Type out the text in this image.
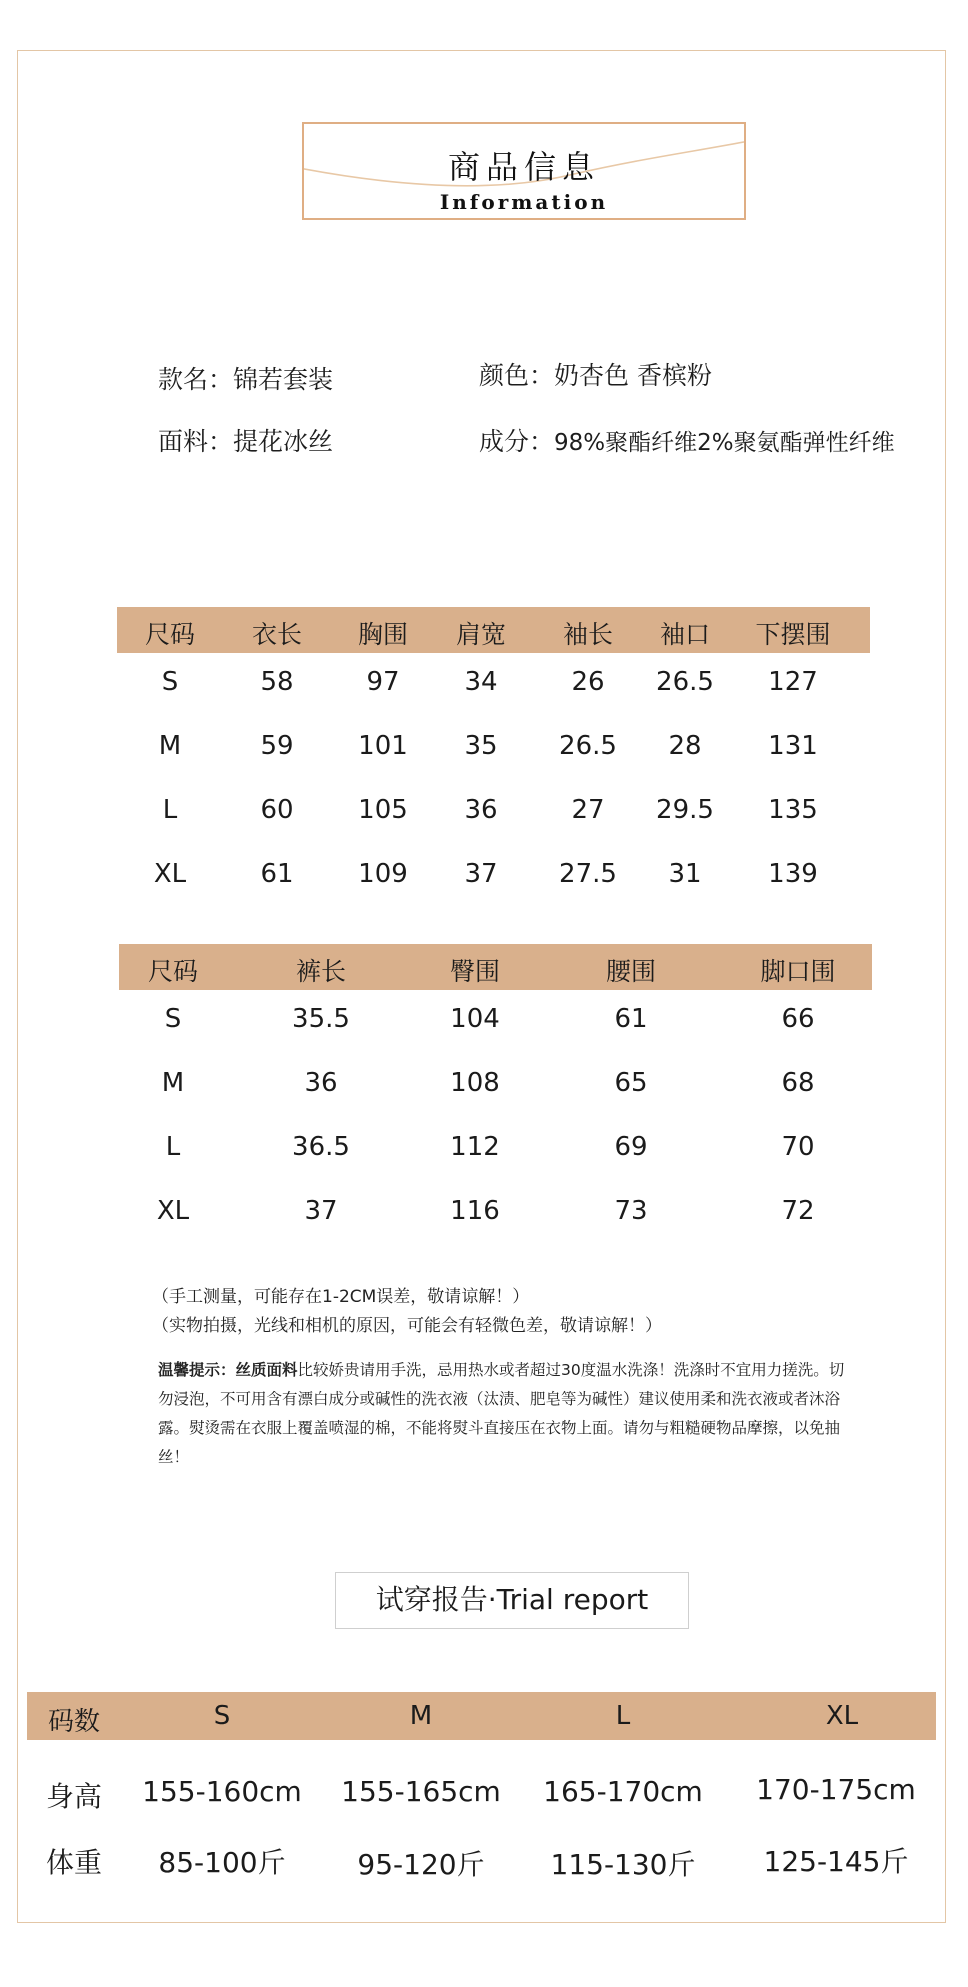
商品信息
Information
款名：锦若套装	颜色：奶杏色 香槟粉
面料：提花冰丝	成分：98%聚酯纤维2%聚氨酯弹性纤维
尺码 衣长 胸围 肩宽 袖长 袖口 下摆围
S	58	97 34	26 26.5 127
M	59 101 35 26.5 28	131
L	60 105 36	27 29.5 135
XL	61 109 37 27.5 31	139
尺码	裤长	臀围	腰围	脚口围
S	35.5	104	61	66
M	36	108	65	68
L	36.5	112	69	70
XL	37	116	73	72
（手工测量，可能存在1-2CM误差，敬请谅解！）
（实物拍摄，光线和相机的原因，可能会有轻微色差，敬请谅解！）
温馨提示：丝质面料比较娇贵请用手洗，忌用热水或者超过30度温水洗涤！洗涤时不宜用力搓洗。切勿浸泡，不可用含有漂白成分或碱性的洗衣液（汰渍、肥皂等为碱性）建议使用柔和洗衣液或者沐浴露。熨烫需在衣服上覆盖喷湿的棉，不能将熨斗直接压在衣物上面。请勿与粗糙硬物品摩擦，以免抽丝！
试穿报告·Trial report
码数	S	M	L	XL
身高 155-160cm 155-165cm 165-170cm 170-175cm
体重 85-100斤	95-120斤 115-130斤 125-145斤
